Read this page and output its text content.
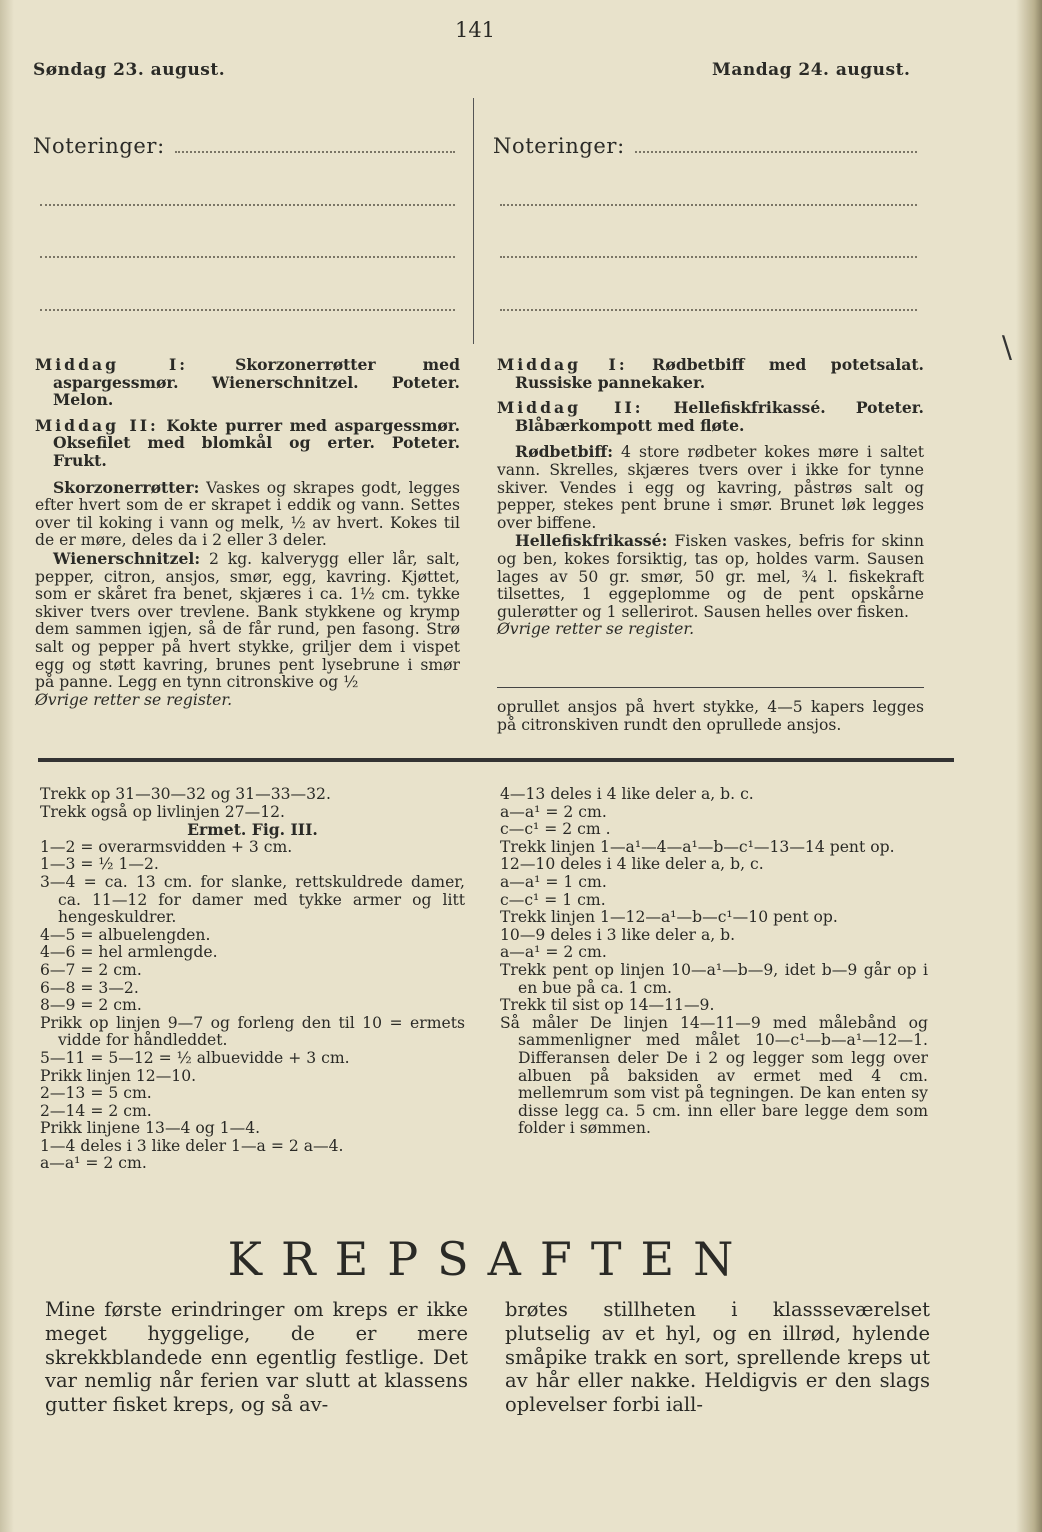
141
Søndag 23. august.	Mandag 24. august.
Noteringer:	Noteringer:
\

Middag I:	Skorzonerrøtter med aspargessmør. Wienerschnitzel. Poteter. Melon.

Middag II: Kokte purrer med aspargessmør. Oksefilet med blomkål og erter. Poteter. Frukt.

Skorzonerrøtter: Vaskes og skrapes godt, legges efter hvert som de er skrapet i eddik og vann. Settes over til koking i vann og melk, ½ av hvert. Kokes til de er møre, deles da i 2 eller 3 deler.

Wienerschnitzel: 2 kg. kalverygg eller lår, salt, pepper, citron, ansjos, smør, egg, kavring. Kjøttet, som er skåret fra benet, skjæres i ca. 1½ cm. tykke skiver tvers over trevlene. Bank stykkene og krymp dem sammen igjen, så de får rund, pen fasong. Strø salt og pepper på hvert stykke, griljer dem i vispet egg og støtt kavring, brunes pent lysebrune i smør på panne. Legg en tynn citronskive og ½

Øvrige retter se register.

Middag I: Rødbetbiff med potetsalat. Russiske pannekaker.

Middag II: Hellefiskfrikassé. Poteter. Blåbærkompott med fløte.

Rødbetbiff: 4 store rødbeter kokes møre i saltet vann. Skrelles, skjæres tvers over i ikke for tynne skiver. Vendes i egg og kavring, påstrøs salt og pepper, stekes pent brune i smør. Brunet løk legges over biffene.

Hellefiskfrikassé: Fisken vaskes, befris for skinn og ben, kokes forsiktig, tas op, holdes varm. Sausen lages av 50 gr. smør, 50 gr. mel, ¾ l. fiskekraft tilsettes, 1 eggeplomme og de pent opskårne gulerøtter og 1 sellerirot. Sausen helles over fisken.

Øvrige retter se register.

oprullet ansjos på hvert stykke, 4—5 kapers legges på citronskiven rundt den oprullede ansjos.

Trekk op 31—30—32 og 31—33—32.

Trekk også op livlinjen 27—12.

Ermet. Fig. III.

1—2 = overarmsvidden + 3 cm.

1—3 = ½ 1—2.

3—4 = ca. 13 cm. for slanke, rettskuldrede damer, ca. 11—12 for damer med tykke armer og litt hengeskuldrer.

4—5 = albuelengden.

4—6 = hel armlengde.

6—7 = 2 cm.

6—8 = 3—2.

8—9 = 2 cm.

Prikk op linjen 9—7 og forleng den til 10 = ermets vidde for håndleddet.

5—11 = 5—12 = ½ albuevidde + 3 cm.

Prikk linjen 12—10.

2—13 = 5 cm.

2—14 = 2 cm.

Prikk linjene 13—4 og 1—4.

1—4 deles i 3 like deler 1—a = 2 a—4.

a—a¹ = 2 cm.

4—13 deles i 4 like deler a, b. c.

a—a¹ = 2 cm.

c—c¹ = 2 cm .

Trekk linjen 1—a¹—4—a¹—b—c¹—13—14 pent op.

12—10 deles i 4 like deler a, b, c.

a—a¹ = 1 cm.

c—c¹ = 1 cm.

Trekk linjen 1—12—a¹—b—c¹—10 pent op.

10—9 deles i 3 like deler a, b.

a—a¹ = 2 cm.

Trekk pent op linjen 10—a¹—b—9, idet b—9 går op i en bue på ca. 1 cm.

Trekk til sist op 14—11—9.

Så måler De linjen 14—11—9 med målebånd og sammenligner med målet 10—c¹—b—a¹—12—1. Differansen deler De i 2 og legger som legg over albuen på baksiden av ermet med 4 cm. mellemrum som vist på tegningen. De kan enten sy disse legg ca. 5 cm. inn eller bare legge dem som folder i sømmen.

KREPSAFTEN
Mine første erindringer om kreps er ikke meget hyggelige, de er mere skrekkblandede enn egentlig festlige. Det var nemlig når ferien var slutt at klassens gutter fisket kreps, og så av-
brøtes stillheten i klassseværelset plutselig av et hyl, og en illrød, hylende småpike trakk en sort, sprellende kreps ut av hår eller nakke. Heldigvis er den slags oplevelser forbi iall-
